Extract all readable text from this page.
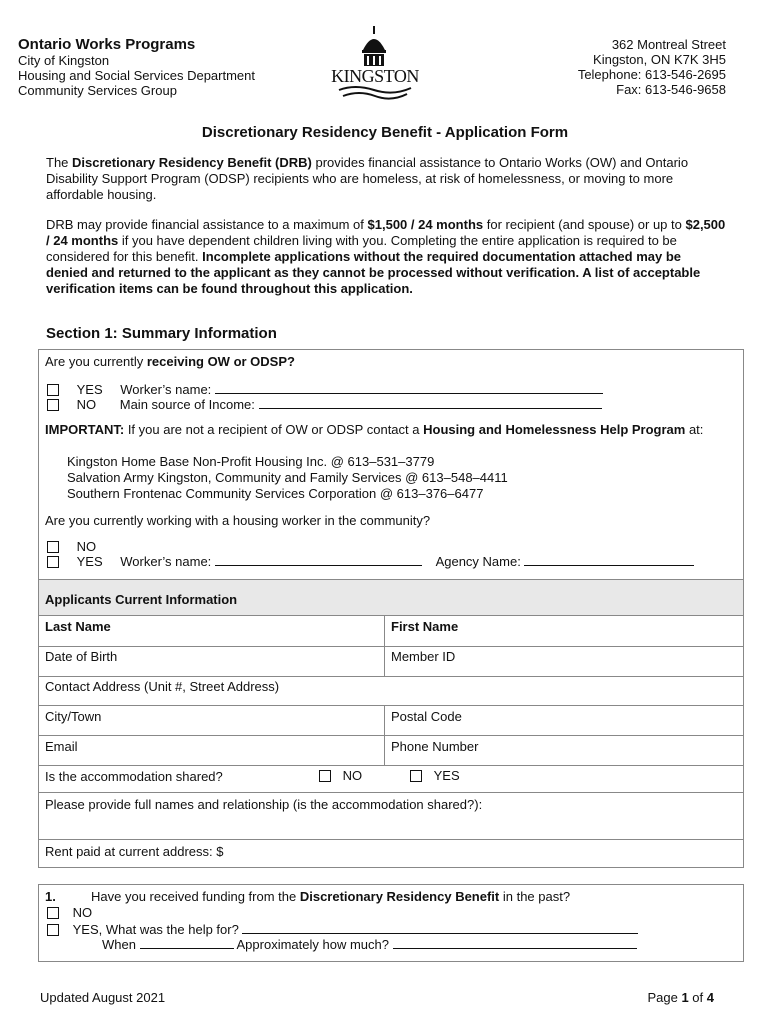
Ontario Works Programs
City of Kingston
Housing and Social Services Department
Community Services Group
KINGSTON
362 Montreal Street
Kingston, ON K7K 3H5
Telephone: 613-546-2695
Fax: 613-546-9658
Discretionary Residency Benefit - Application Form
The Discretionary Residency Benefit (DRB) provides financial assistance to Ontario Works (OW) and Ontario Disability Support Program (ODSP) recipients who are homeless, at risk of homelessness, or moving to more affordable housing.
DRB may provide financial assistance to a maximum of $1,500 / 24 months for recipient (and spouse) or up to $2,500 / 24 months if you have dependent children living with you. Completing the entire application is required to be considered for this benefit. Incomplete applications without the required documentation attached may be denied and returned to the applicant as they cannot be processed without verification. A list of acceptable verification items can be found throughout this application.
Section 1: Summary Information
Are you currently receiving OW or ODSP?
YES Worker’s name:
NO Main source of Income:
IMPORTANT: If you are not a recipient of OW or ODSP contact a Housing and Homelessness Help Program at:
Kingston Home Base Non-Profit Housing Inc. @ 613–531–3779
Salvation Army Kingston, Community and Family Services @ 613–548–4411
Southern Frontenac Community Services Corporation @ 613–376–6477
Are you currently working with a housing worker in the community?
NO
YES Worker’s name:	Agency Name:
Applicants Current Information
Last Name	First Name
Date of Birth	Member ID
Contact Address (Unit #, Street Address)
City/Town	Postal Code
Email	Phone Number
Is the accommodation shared?	NO	YES
Please provide full names and relationship (is the accommodation shared?):
Rent paid at current address: $
1.	Have you received funding from the Discretionary Residency Benefit in the past?
NO
YES, What was the help for?
When	Approximately how much?
Updated August 2021	Page 1 of 4
